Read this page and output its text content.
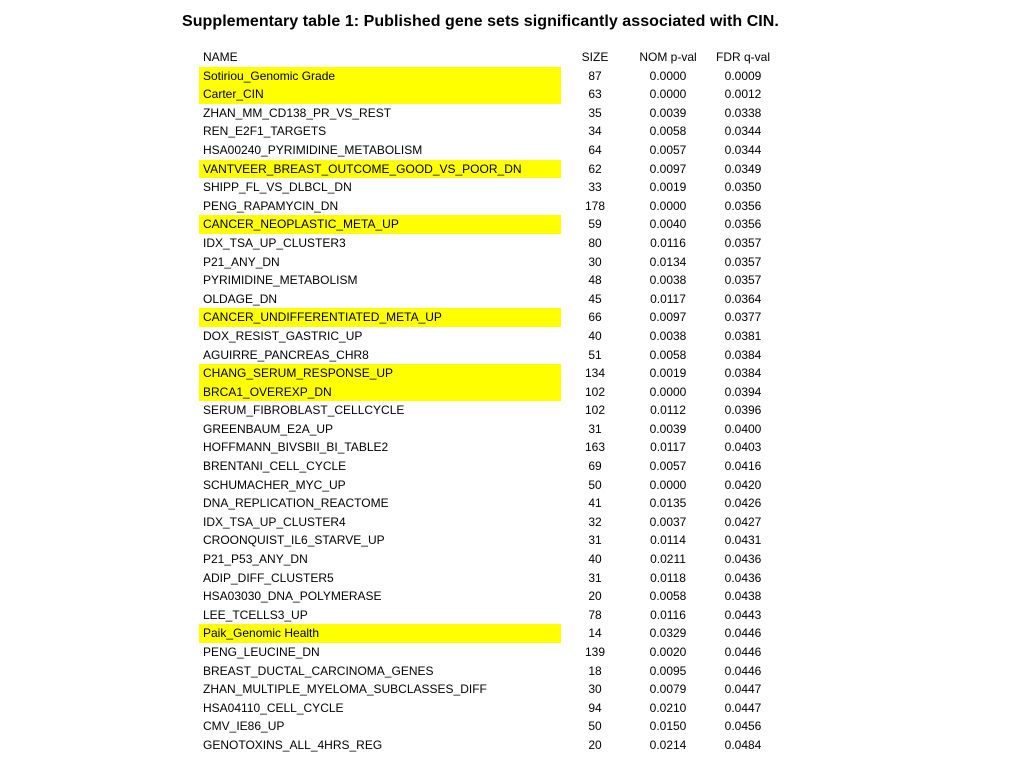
Supplementary table 1: Published gene sets significantly associated with CIN.
NAME	SIZE	NOM p-val	FDR q-val
Sotiriou_Genomic Grade	87	0.0000	0.0009
Carter_CIN	63	0.0000	0.0012
ZHAN_MM_CD138_PR_VS_REST	35	0.0039	0.0338
REN_E2F1_TARGETS	34	0.0058	0.0344
HSA00240_PYRIMIDINE_METABOLISM	64	0.0057	0.0344
VANTVEER_BREAST_OUTCOME_GOOD_VS_POOR_DN	62	0.0097	0.0349
SHIPP_FL_VS_DLBCL_DN	33	0.0019	0.0350
PENG_RAPAMYCIN_DN	178	0.0000	0.0356
CANCER_NEOPLASTIC_META_UP	59	0.0040	0.0356
IDX_TSA_UP_CLUSTER3	80	0.0116	0.0357
P21_ANY_DN	30	0.0134	0.0357
PYRIMIDINE_METABOLISM	48	0.0038	0.0357
OLDAGE_DN	45	0.0117	0.0364
CANCER_UNDIFFERENTIATED_META_UP	66	0.0097	0.0377
DOX_RESIST_GASTRIC_UP	40	0.0038	0.0381
AGUIRRE_PANCREAS_CHR8	51	0.0058	0.0384
CHANG_SERUM_RESPONSE_UP	134	0.0019	0.0384
BRCA1_OVEREXP_DN	102	0.0000	0.0394
SERUM_FIBROBLAST_CELLCYCLE	102	0.0112	0.0396
GREENBAUM_E2A_UP	31	0.0039	0.0400
HOFFMANN_BIVSBII_BI_TABLE2	163	0.0117	0.0403
BRENTANI_CELL_CYCLE	69	0.0057	0.0416
SCHUMACHER_MYC_UP	50	0.0000	0.0420
DNA_REPLICATION_REACTOME	41	0.0135	0.0426
IDX_TSA_UP_CLUSTER4	32	0.0037	0.0427
CROONQUIST_IL6_STARVE_UP	31	0.0114	0.0431
P21_P53_ANY_DN	40	0.0211	0.0436
ADIP_DIFF_CLUSTER5	31	0.0118	0.0436
HSA03030_DNA_POLYMERASE	20	0.0058	0.0438
LEE_TCELLS3_UP	78	0.0116	0.0443
Paik_Genomic Health	14	0.0329	0.0446
PENG_LEUCINE_DN	139	0.0020	0.0446
BREAST_DUCTAL_CARCINOMA_GENES	18	0.0095	0.0446
ZHAN_MULTIPLE_MYELOMA_SUBCLASSES_DIFF	30	0.0079	0.0447
HSA04110_CELL_CYCLE	94	0.0210	0.0447
CMV_IE86_UP	50	0.0150	0.0456
GENOTOXINS_ALL_4HRS_REG	20	0.0214	0.0484
